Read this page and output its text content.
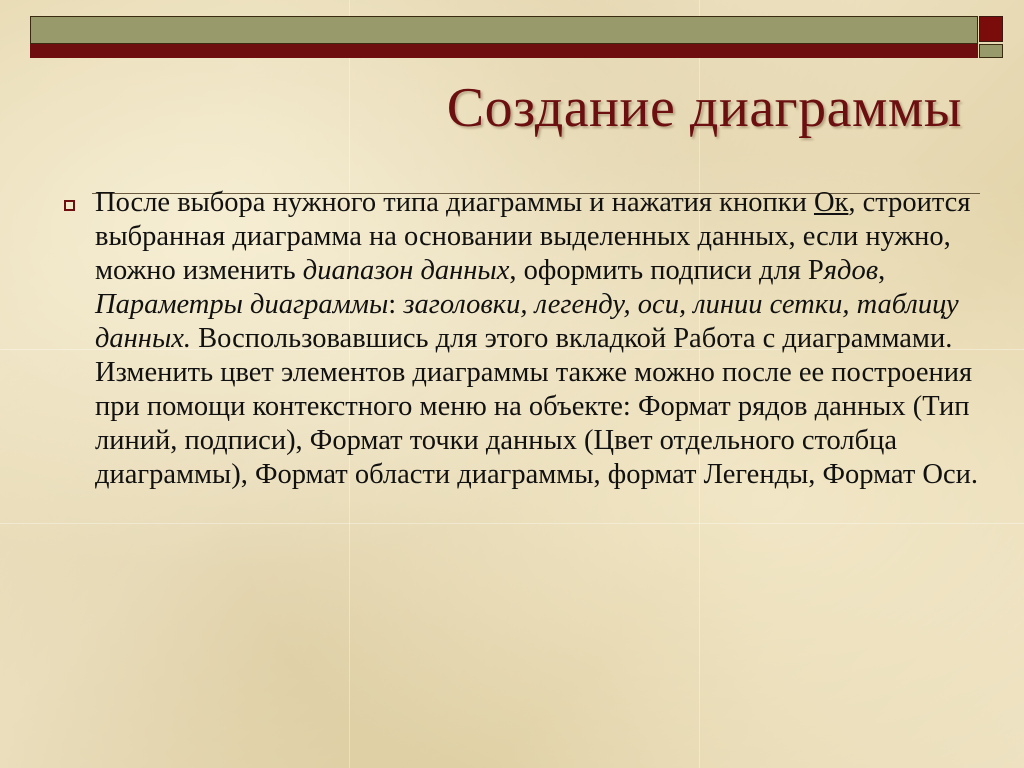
Создание диаграммы
После выбора нужного типа диаграммы и нажатия кнопки Ок, строится выбранная диаграмма на основании выделенных данных, если нужно, можно изменить диапазон данных, оформить подписи для Рядов, Параметры диаграммы: заголовки, легенду, оси, линии сетки, таблицу данных. Воспользовавшись для этого вкладкой Работа с диаграммами. Изменить цвет элементов диаграммы также можно после ее построения при помощи контекстного меню на объекте: Формат рядов данных (Тип линий, подписи), Формат точки данных (Цвет отдельного столбца диаграммы), Формат области диаграммы, формат Легенды, Формат Оси.
